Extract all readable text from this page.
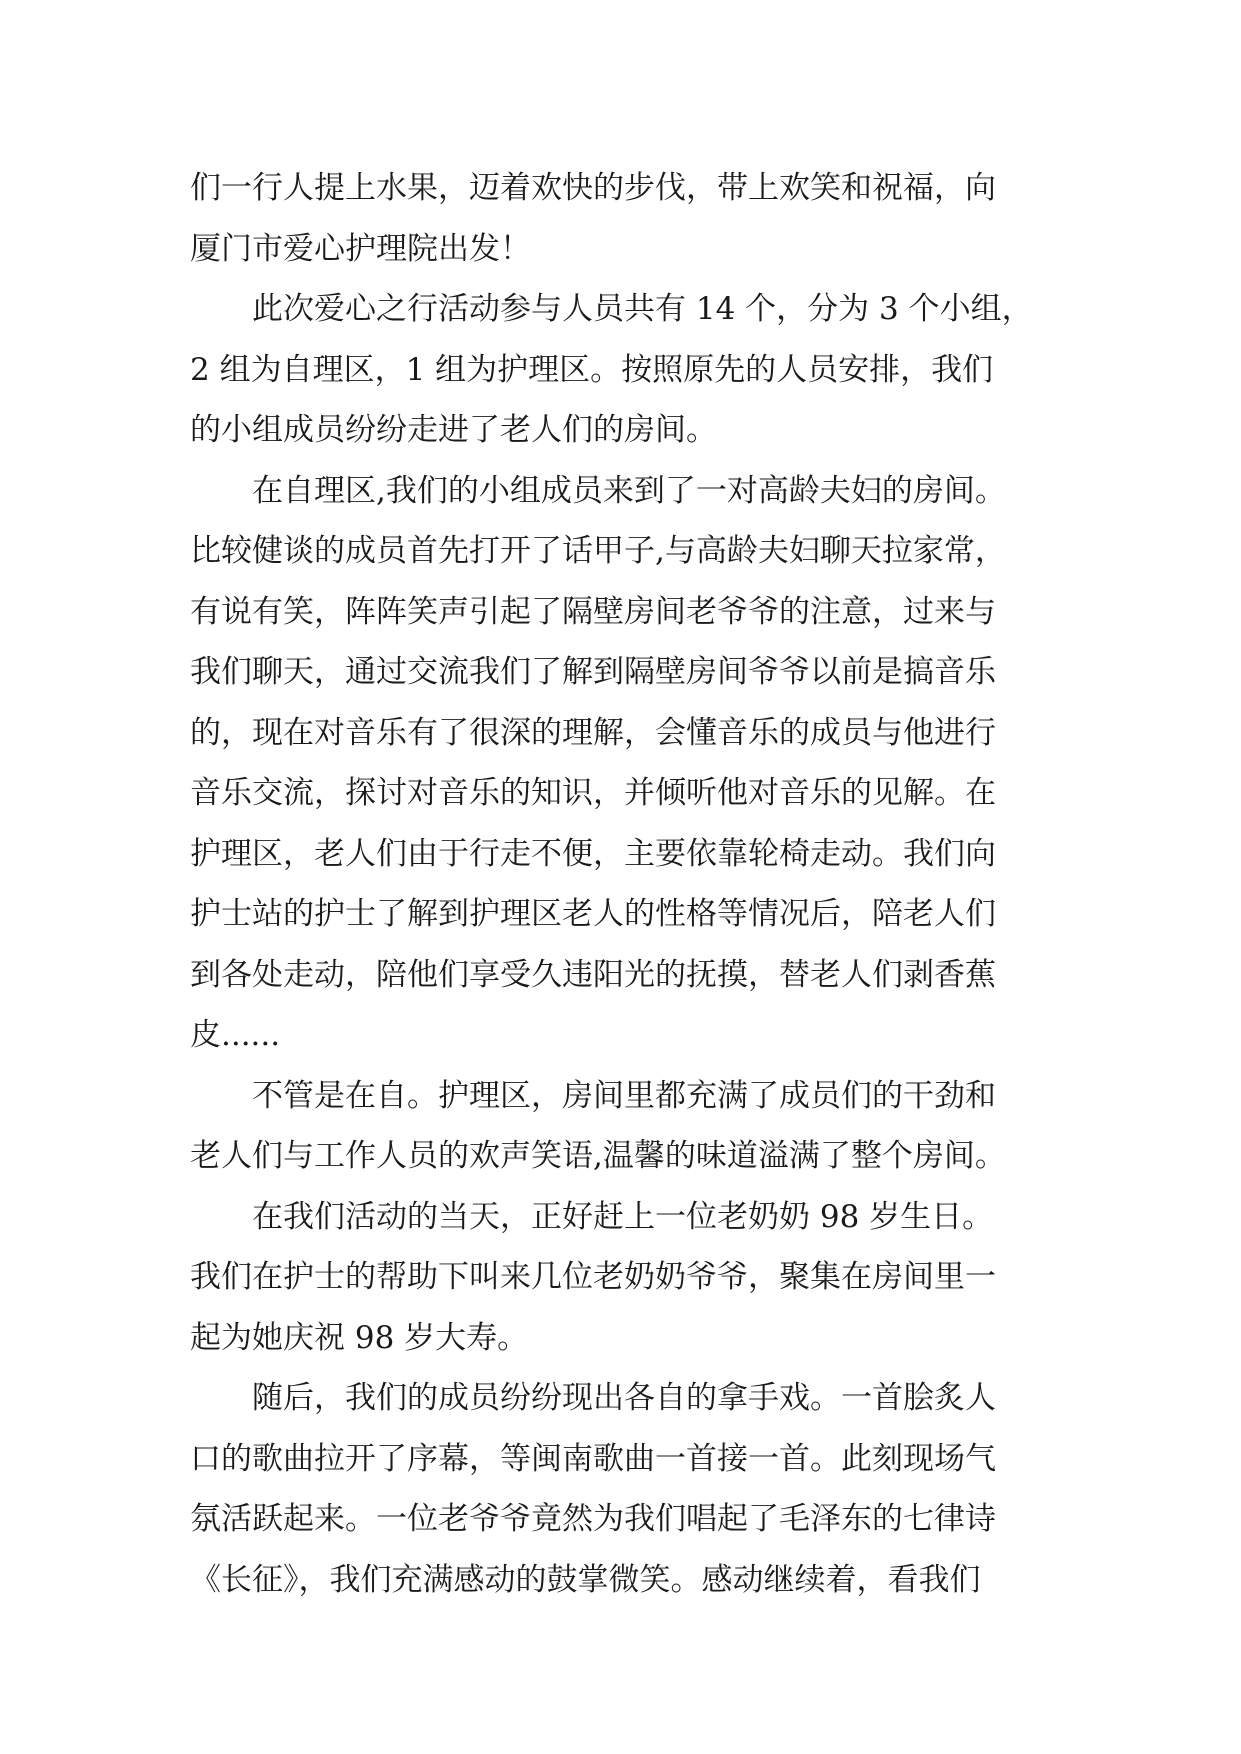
们一行人提上水果，迈着欢快的步伐，带上欢笑和祝福，向
厦门市爱心护理院出发！
此次爱心之行活动参与人员共有 14 个，分为 3 个小组，
2 组为自理区，1 组为护理区。按照原先的人员安排，我们
的小组成员纷纷走进了老人们的房间。
在自理区,我们的小组成员来到了一对高龄夫妇的房间。
比较健谈的成员首先打开了话甲子,与高龄夫妇聊天拉家常，
有说有笑，阵阵笑声引起了隔壁房间老爷爷的注意，过来与
我们聊天，通过交流我们了解到隔壁房间爷爷以前是搞音乐
的，现在对音乐有了很深的理解，会懂音乐的成员与他进行
音乐交流，探讨对音乐的知识，并倾听他对音乐的见解。在
护理区，老人们由于行走不便，主要依靠轮椅走动。我们向
护士站的护士了解到护理区老人的性格等情况后，陪老人们
到各处走动，陪他们享受久违阳光的抚摸，替老人们剥香蕉
皮......
不管是在自。护理区，房间里都充满了成员们的干劲和
老人们与工作人员的欢声笑语,温馨的味道溢满了整个房间。
在我们活动的当天，正好赶上一位老奶奶 98 岁生日。
我们在护士的帮助下叫来几位老奶奶爷爷，聚集在房间里一
起为她庆祝 98 岁大寿。
随后，我们的成员纷纷现出各自的拿手戏。一首脍炙人
口的歌曲拉开了序幕，等闽南歌曲一首接一首。此刻现场气
氛活跃起来。一位老爷爷竟然为我们唱起了毛泽东的七律诗
《长征》，我们充满感动的鼓掌微笑。感动继续着，看我们
